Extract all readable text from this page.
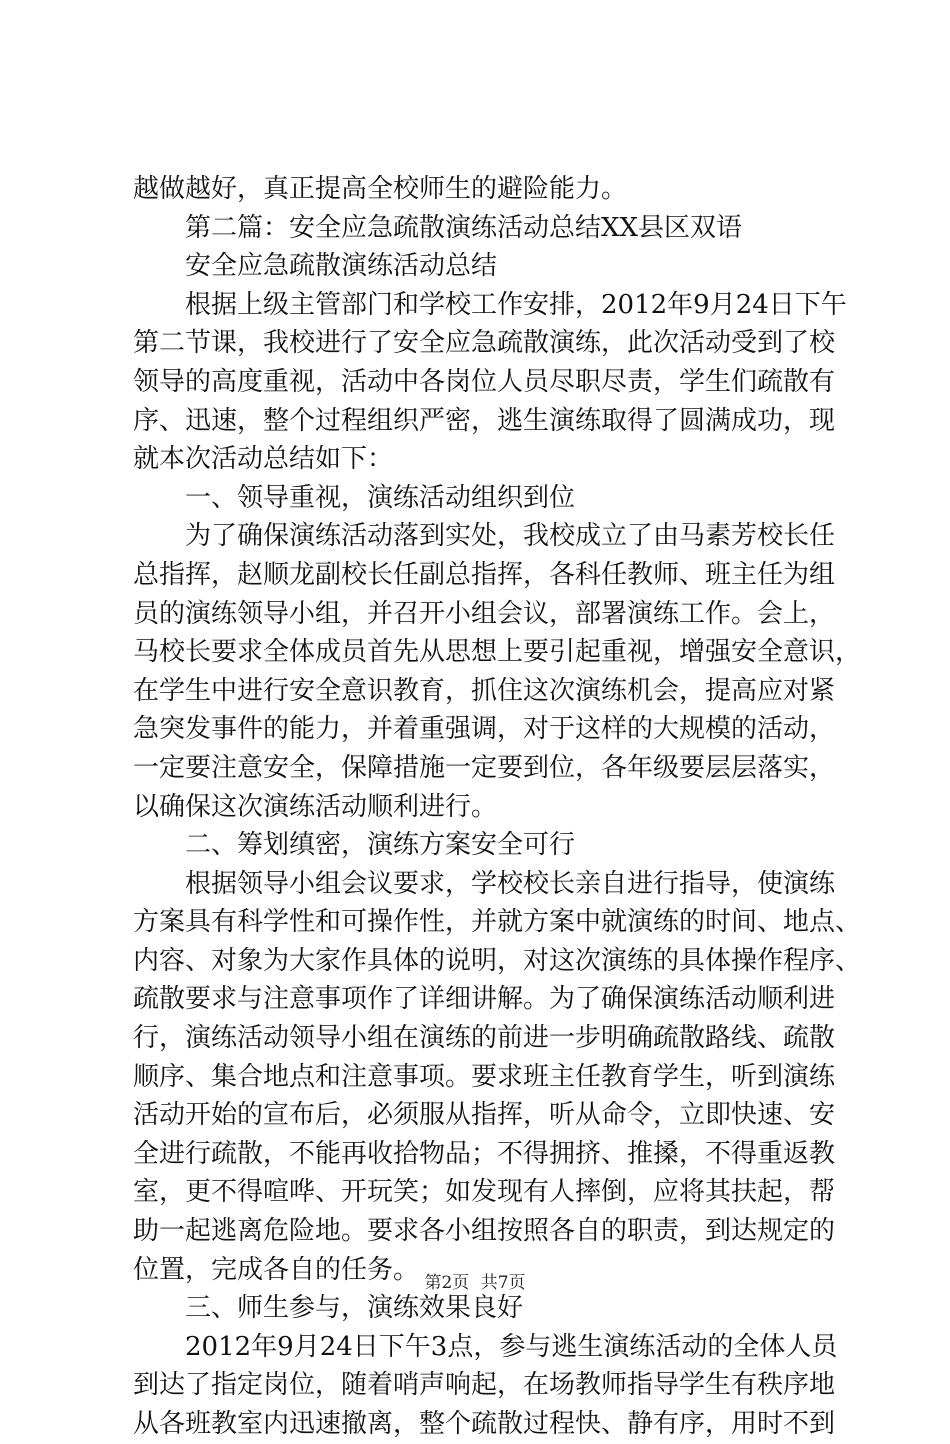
越做越好，真正提高全校师生的避险能力。
第二篇：安全应急疏散演练活动总结XX县区双语
安全应急疏散演练活动总结
根据上级主管部门和学校工作安排，2012年9月24日下午
第二节课，我校进行了安全应急疏散演练，此次活动受到了校
领导的高度重视，活动中各岗位人员尽职尽责，学生们疏散有
序、迅速，整个过程组织严密，逃生演练取得了圆满成功，现
就本次活动总结如下：
一、领导重视，演练活动组织到位
为了确保演练活动落到实处，我校成立了由马素芳校长任
总指挥，赵顺龙副校长任副总指挥，各科任教师、班主任为组
员的演练领导小组，并召开小组会议，部署演练工作。会上，
马校长要求全体成员首先从思想上要引起重视，增强安全意识，
在学生中进行安全意识教育，抓住这次演练机会，提高应对紧
急突发事件的能力，并着重强调，对于这样的大规模的活动，
一定要注意安全，保障措施一定要到位，各年级要层层落实，
以确保这次演练活动顺利进行。
二、筹划缜密，演练方案安全可行
根据领导小组会议要求，学校校长亲自进行指导，使演练
方案具有科学性和可操作性，并就方案中就演练的时间、地点、
内容、对象为大家作具体的说明，对这次演练的具体操作程序、
疏散要求与注意事项作了详细讲解。为了确保演练活动顺利进
行，演练活动领导小组在演练的前进一步明确疏散路线、疏散
顺序、集合地点和注意事项。要求班主任教育学生，听到演练
活动开始的宣布后，必须服从指挥，听从命令，立即快速、安
全进行疏散，不能再收拾物品；不得拥挤、推搡，不得重返教
室，更不得喧哗、开玩笑；如发现有人摔倒，应将其扶起，帮
助一起逃离危险地。要求各小组按照各自的职责，到达规定的
位置，完成各自的任务。
三、师生参与，演练效果良好
2012年9月24日下午3点，参与逃生演练活动的全体人员
到达了指定岗位，随着哨声响起，在场教师指导学生有秩序地
从各班教室内迅速撤离，整个疏散过程快、静有序，用时不到
第2页 共7页
